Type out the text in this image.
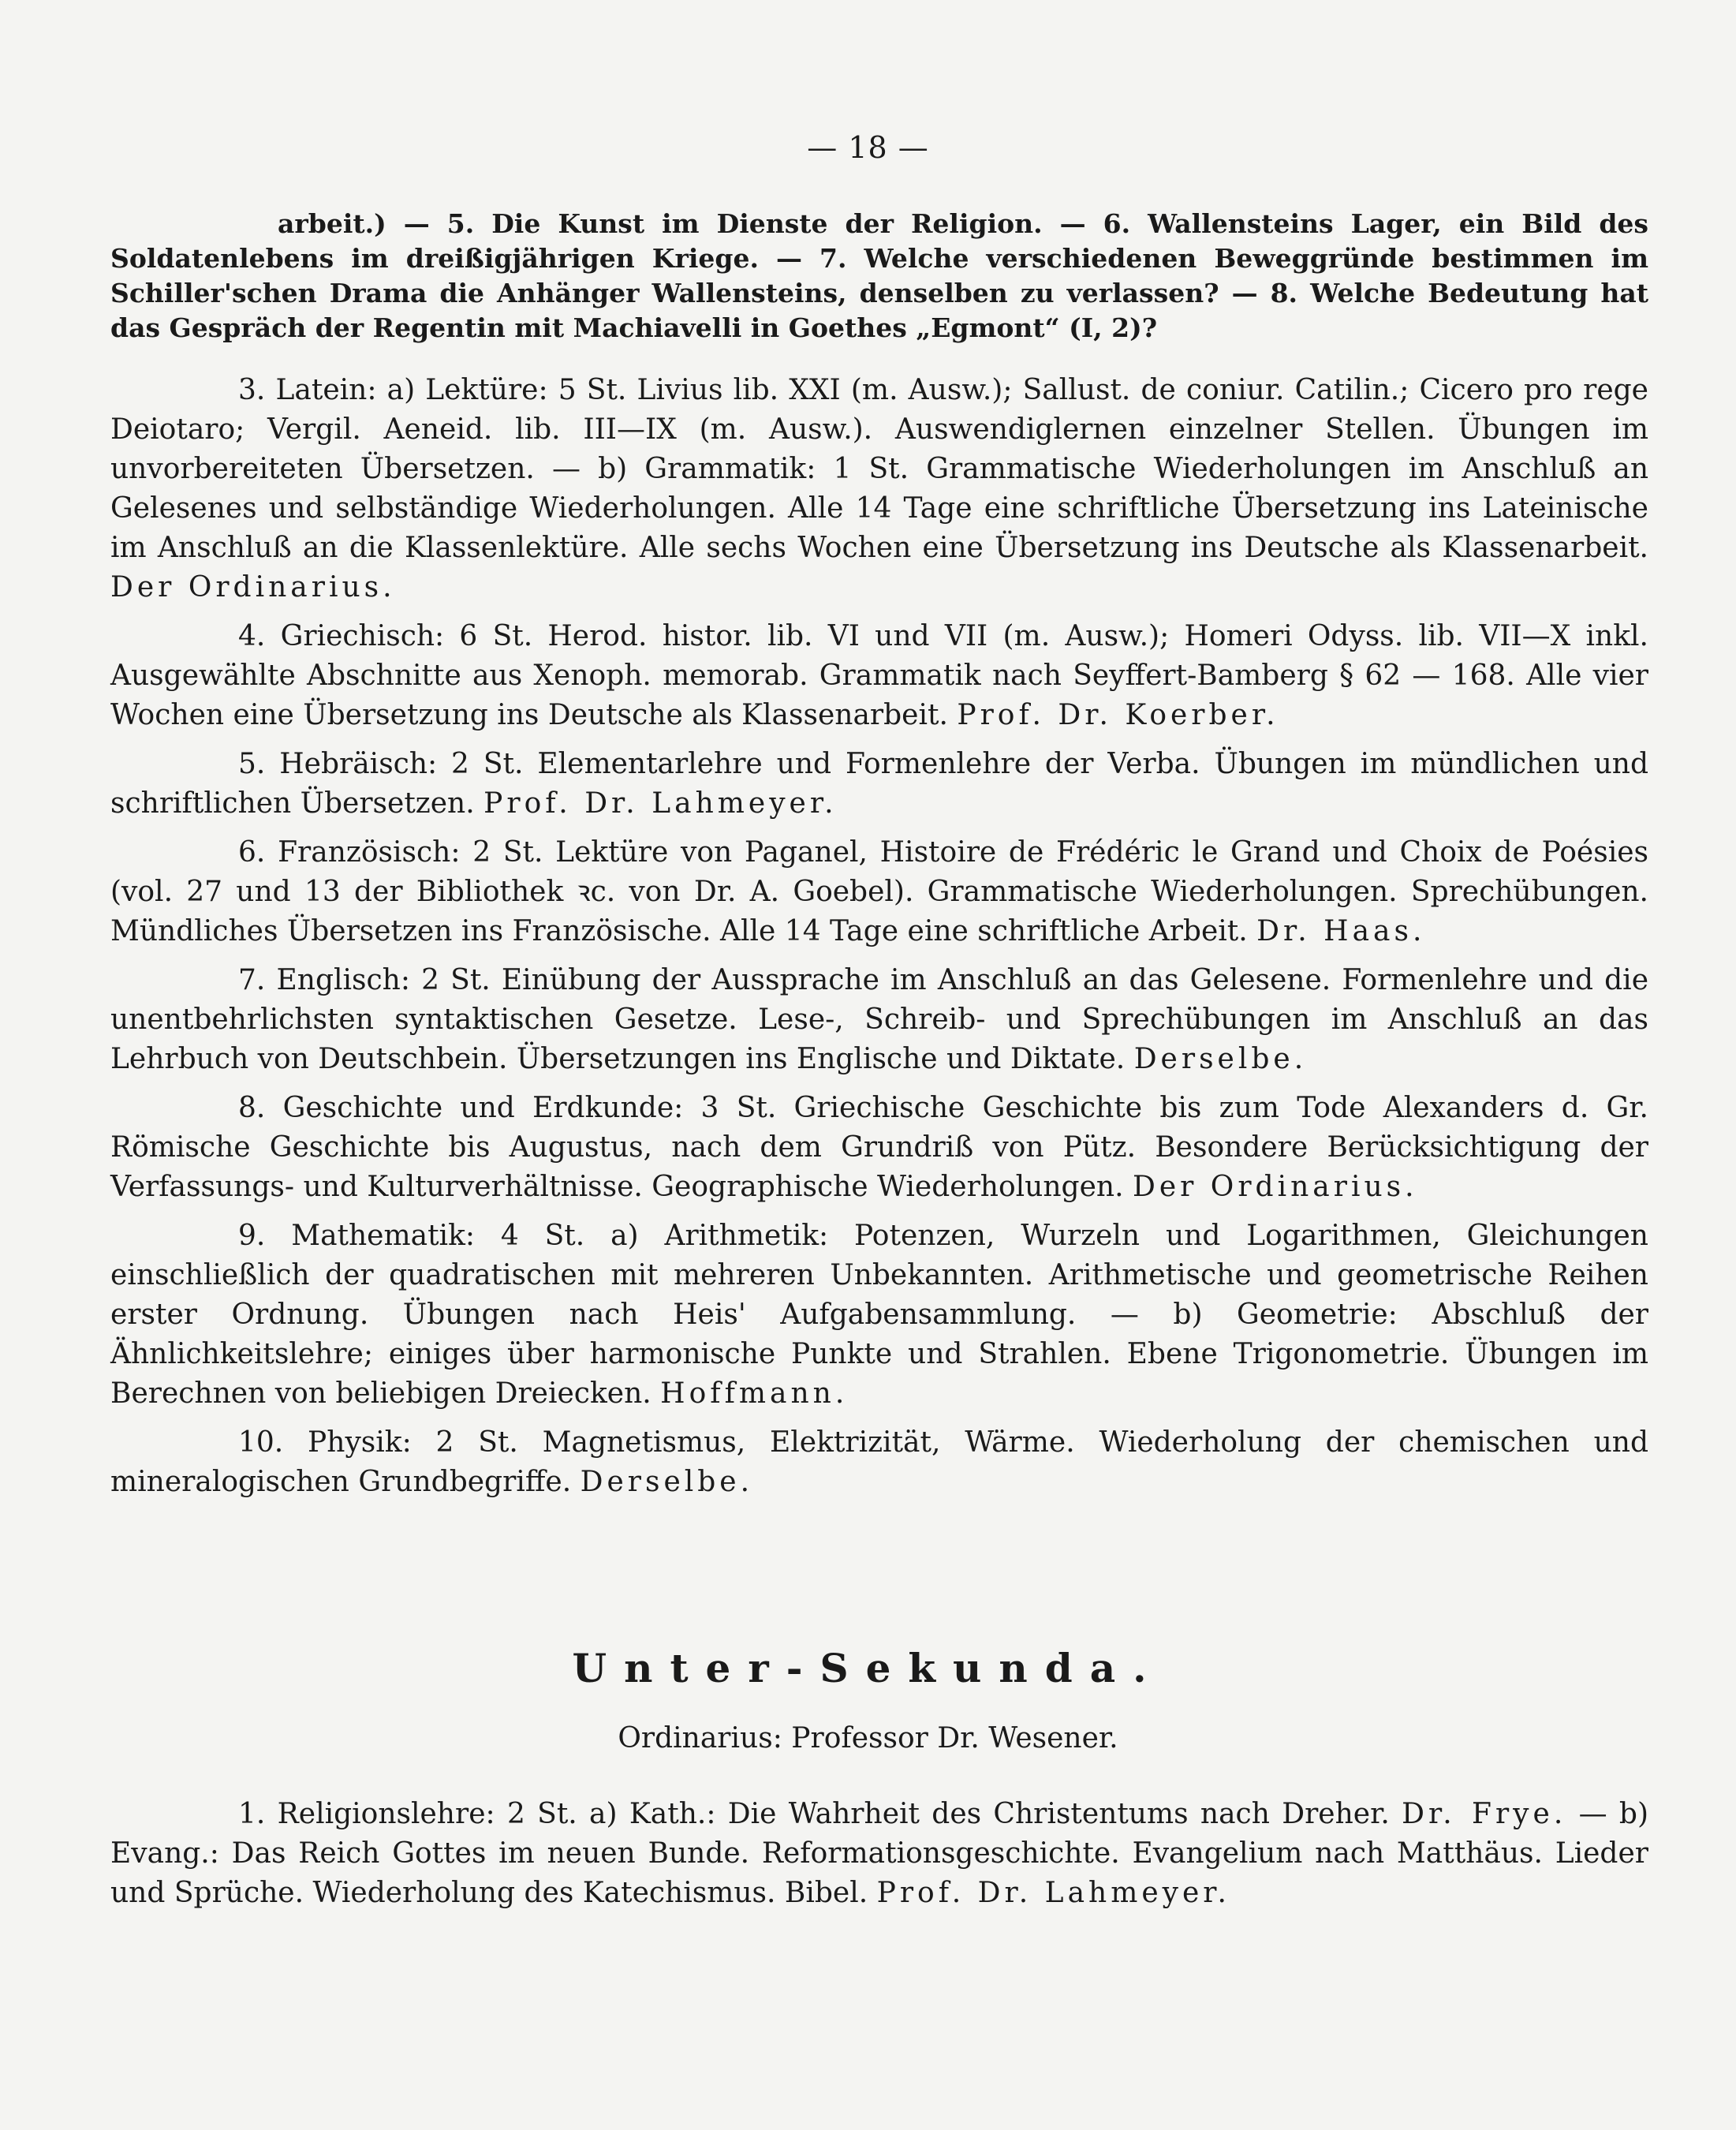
— 18 —

arbeit.) — 5. Die Kunst im Dienste der Religion. — 6. Wallensteins Lager, ein Bild des Soldatenlebens im dreißigjährigen Kriege. — 7. Welche verschiedenen Beweggründe bestimmen im Schiller'schen Drama die Anhänger Wallensteins, denselben zu verlassen? — 8. Welche Bedeutung hat das Gespräch der Regentin mit Machiavelli in Goethes „Egmont“ (I, 2)?

3. Latein: a) Lektüre: 5 St. Livius lib. XXI (m. Ausw.); Sallust. de coniur. Catilin.; Cicero pro rege Deiotaro; Vergil. Aeneid. lib. III—IX (m. Ausw.). Auswendiglernen einzelner Stellen. Übungen im unvorbereiteten Übersetzen. — b) Grammatik: 1 St. Grammatische Wiederholungen im Anschluß an Gelesenes und selbständige Wiederholungen. Alle 14 Tage eine schriftliche Übersetzung ins Lateinische im Anschluß an die Klassenlektüre. Alle sechs Wochen eine Übersetzung ins Deutsche als Klassenarbeit. Der Ordinarius.

4. Griechisch: 6 St. Herod. histor. lib. VI und VII (m. Ausw.); Homeri Odyss. lib. VII—X inkl. Ausgewählte Abschnitte aus Xenoph. memorab. Grammatik nach Seyffert-Bamberg § 62 — 168. Alle vier Wochen eine Übersetzung ins Deutsche als Klassenarbeit. Prof. Dr. Koerber.

5. Hebräisch: 2 St. Elementarlehre und Formenlehre der Verba. Übungen im mündlichen und schriftlichen Übersetzen. Prof. Dr. Lahmeyer.

6. Französisch: 2 St. Lektüre von Paganel, Histoire de Frédéric le Grand und Choix de Poésies (vol. 27 und 13 der Bibliothek ꝛc. von Dr. A. Goebel). Grammatische Wiederholungen. Sprechübungen. Mündliches Übersetzen ins Französische. Alle 14 Tage eine schriftliche Arbeit. Dr. Haas.

7. Englisch: 2 St. Einübung der Aussprache im Anschluß an das Gelesene. Formenlehre und die unentbehrlichsten syntaktischen Gesetze. Lese-, Schreib- und Sprechübungen im Anschluß an das Lehrbuch von Deutschbein. Übersetzungen ins Englische und Diktate. Derselbe.

8. Geschichte und Erdkunde: 3 St. Griechische Geschichte bis zum Tode Alexanders d. Gr. Römische Geschichte bis Augustus, nach dem Grundriß von Pütz. Besondere Berücksichtigung der Verfassungs- und Kulturverhältnisse. Geographische Wiederholungen. Der Ordinarius.

9. Mathematik: 4 St. a) Arithmetik: Potenzen, Wurzeln und Logarithmen, Gleichungen einschließlich der quadratischen mit mehreren Unbekannten. Arithmetische und geometrische Reihen erster Ordnung. Übungen nach Heis' Aufgabensammlung. — b) Geometrie: Abschluß der Ähnlichkeitslehre; einiges über harmonische Punkte und Strahlen. Ebene Trigonometrie. Übungen im Berechnen von beliebigen Dreiecken. Hoffmann.

10. Physik: 2 St. Magnetismus, Elektrizität, Wärme. Wiederholung der chemischen und mineralogischen Grundbegriffe. Derselbe.

Unter-Sekunda.
Ordinarius: Professor Dr. Wesener.

1. Religionslehre: 2 St. a) Kath.: Die Wahrheit des Christentums nach Dreher. Dr. Frye. — b) Evang.: Das Reich Gottes im neuen Bunde. Reformationsgeschichte. Evangelium nach Matthäus. Lieder und Sprüche. Wiederholung des Katechismus. Bibel. Prof. Dr. Lahmeyer.
